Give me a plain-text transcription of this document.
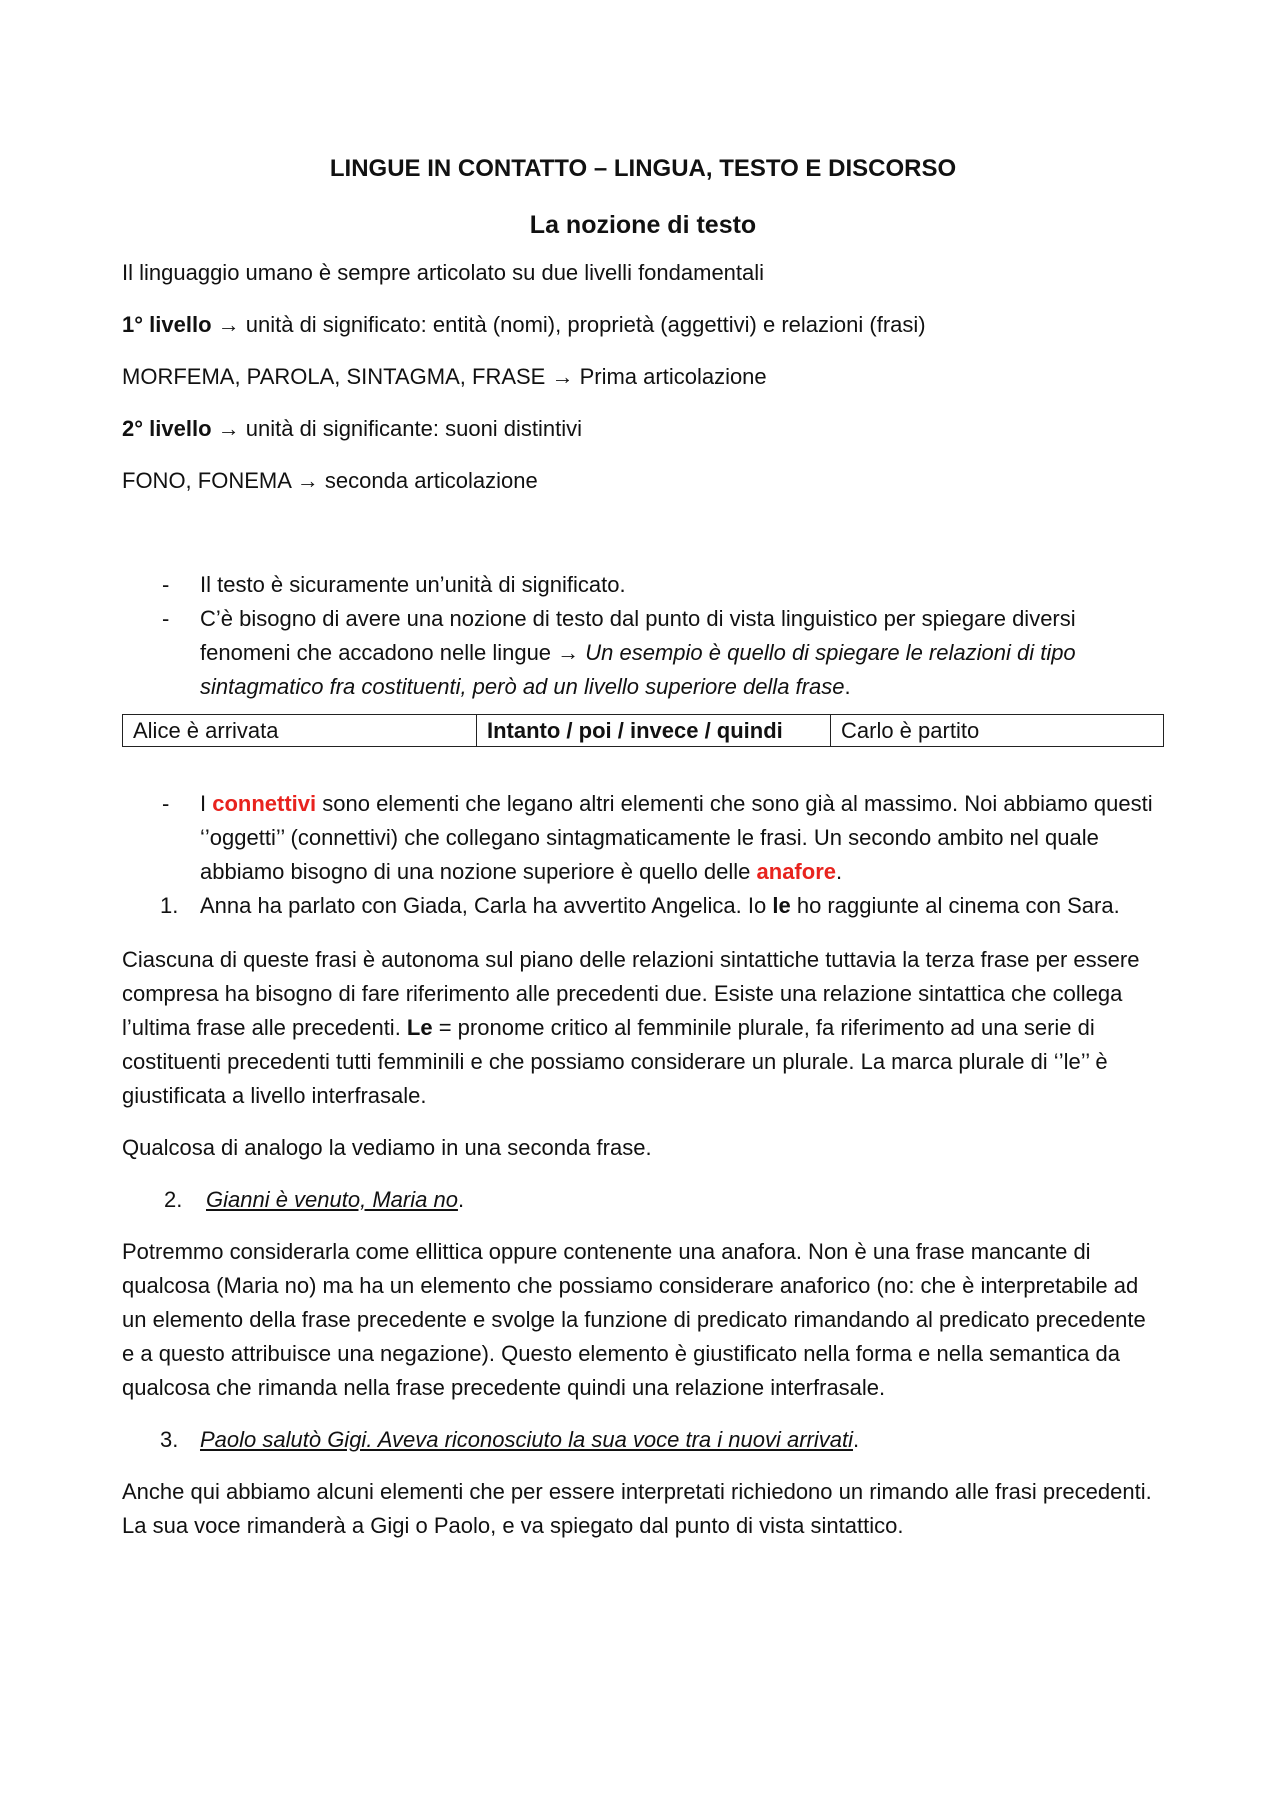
LINGUE IN CONTATTO – LINGUA, TESTO E DISCORSO
La nozione di testo

Il linguaggio umano è sempre articolato su due livelli fondamentali

1° livello → unità di significato: entità (nomi), proprietà (aggettivi) e relazioni (frasi)

MORFEMA, PAROLA, SINTAGMA, FRASE → Prima articolazione

2° livello → unità di significante: suoni distintivi

FONO, FONEMA → seconda articolazione

- Il testo è sicuramente un’unità di significato.
- C’è bisogno di avere una nozione di testo dal punto di vista linguistico per spiegare diversi fenomeni che accadono nelle lingue → Un esempio è quello di spiegare le relazioni di tipo sintagmatico fra costituenti, però ad un livello superiore della frase.
Alice è arrivata	Intanto / poi / invece / quindi	Carlo è partito
- I connettivi sono elementi che legano altri elementi che sono già al massimo. Noi abbiamo questi ‘’oggetti’’ (connettivi) che collegano sintagmaticamente le frasi. Un secondo ambito nel quale abbiamo bisogno di una nozione superiore è quello delle anafore.
1. Anna ha parlato con Giada, Carla ha avvertito Angelica. Io le ho raggiunte al cinema con Sara.

Ciascuna di queste frasi è autonoma sul piano delle relazioni sintattiche tuttavia la terza frase per essere compresa ha bisogno di fare riferimento alle precedenti due. Esiste una relazione sintattica che collega l’ultima frase alle precedenti. Le = pronome critico al femminile plurale, fa riferimento ad una serie di costituenti precedenti tutti femminili e che possiamo considerare un plurale. La marca plurale di ‘’le’’ è giustificata a livello interfrasale.

Qualcosa di analogo la vediamo in una seconda frase.

2. Gianni è venuto, Maria no.

Potremmo considerarla come ellittica oppure contenente una anafora. Non è una frase mancante di qualcosa (Maria no) ma ha un elemento che possiamo considerare anaforico (no: che è interpretabile ad un elemento della frase precedente e svolge la funzione di predicato rimandando al predicato precedente e a questo attribuisce una negazione). Questo elemento è giustificato nella forma e nella semantica da qualcosa che rimanda nella frase precedente quindi una relazione interfrasale.

3. Paolo salutò Gigi. Aveva riconosciuto la sua voce tra i nuovi arrivati.

Anche qui abbiamo alcuni elementi che per essere interpretati richiedono un rimando alle frasi precedenti. La sua voce rimanderà a Gigi o Paolo, e va spiegato dal punto di vista sintattico.
